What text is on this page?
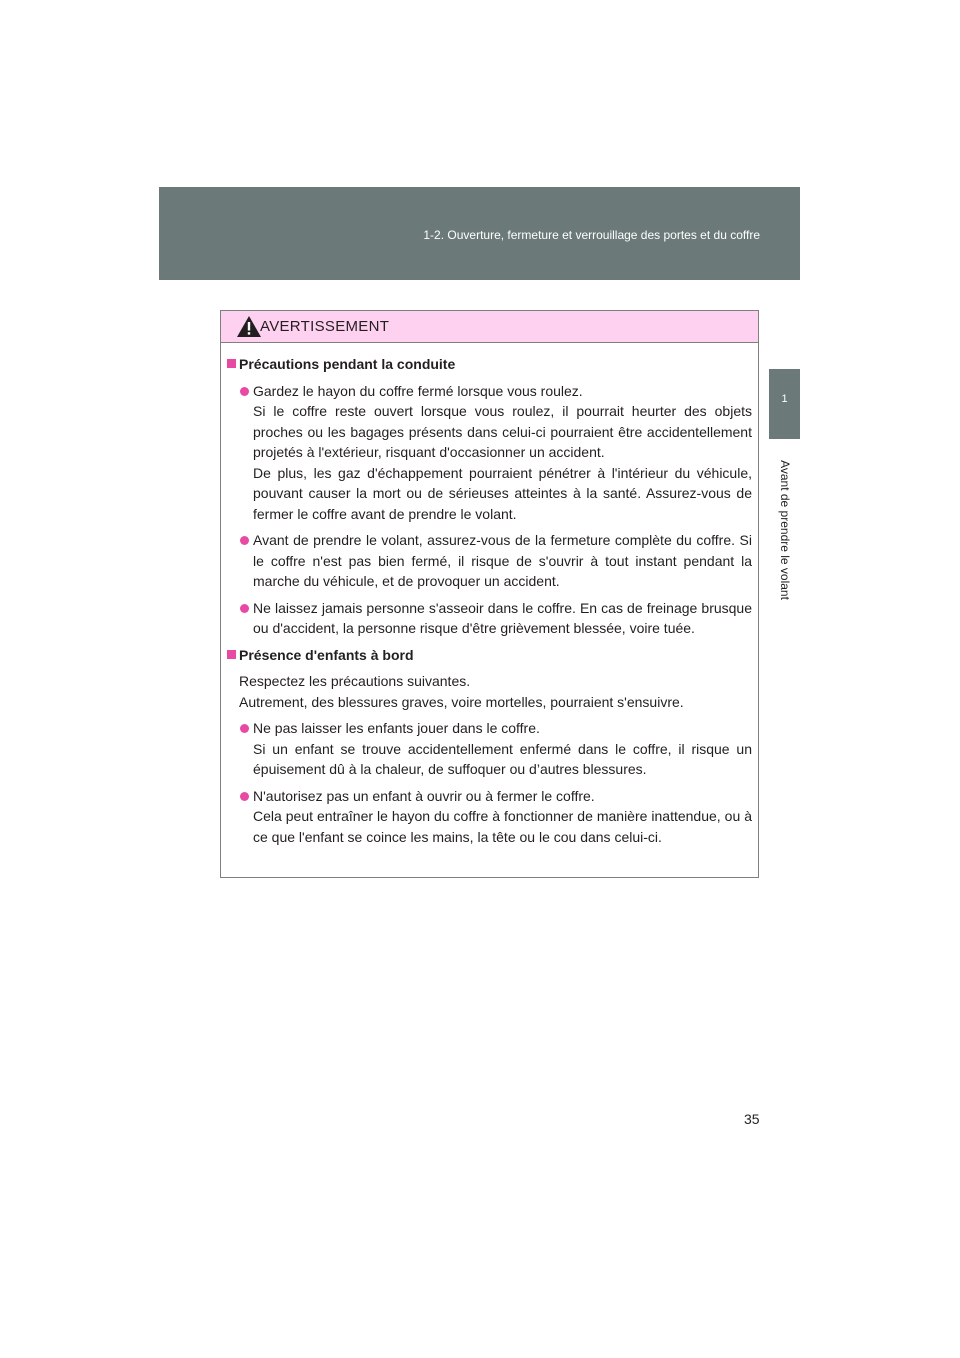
1-2. Ouverture, fermeture et verrouillage des portes et du coffre
1
Avant de prendre le volant
AVERTISSEMENT
Précautions pendant la conduite

Gardez le hayon du coffre fermé lorsque vous roulez.

Si le coffre reste ouvert lorsque vous roulez, il pourrait heurter des objets proches ou les bagages présents dans celui-ci pourraient être accidentellement projetés à l'extérieur, risquant d'occasionner un accident.

De plus, les gaz d'échappement pourraient pénétrer à l'intérieur du véhicule, pouvant causer la mort ou de sérieuses atteintes à la santé. Assurez-vous de fermer le coffre avant de prendre le volant.

Avant de prendre le volant, assurez-vous de la fermeture complète du coffre. Si le coffre n'est pas bien fermé, il risque de s'ouvrir à tout instant pendant la marche du véhicule, et de provoquer un accident.

Ne laissez jamais personne s'asseoir dans le coffre. En cas de freinage brusque ou d'accident, la personne risque d'être grièvement blessée, voire tuée.

Présence d'enfants à bord
Respectez les précautions suivantes.
Autrement, des blessures graves, voire mortelles, pourraient s'ensuivre.

Ne pas laisser les enfants jouer dans le coffre.

Si un enfant se trouve accidentellement enfermé dans le coffre, il risque un épuisement dû à la chaleur, de suffoquer ou d’autres blessures.

N'autorisez pas un enfant à ouvrir ou à fermer le coffre.

Cela peut entraîner le hayon du coffre à fonctionner de manière inattendue, ou à ce que l'enfant se coince les mains, la tête ou le cou dans celui-ci.

35
